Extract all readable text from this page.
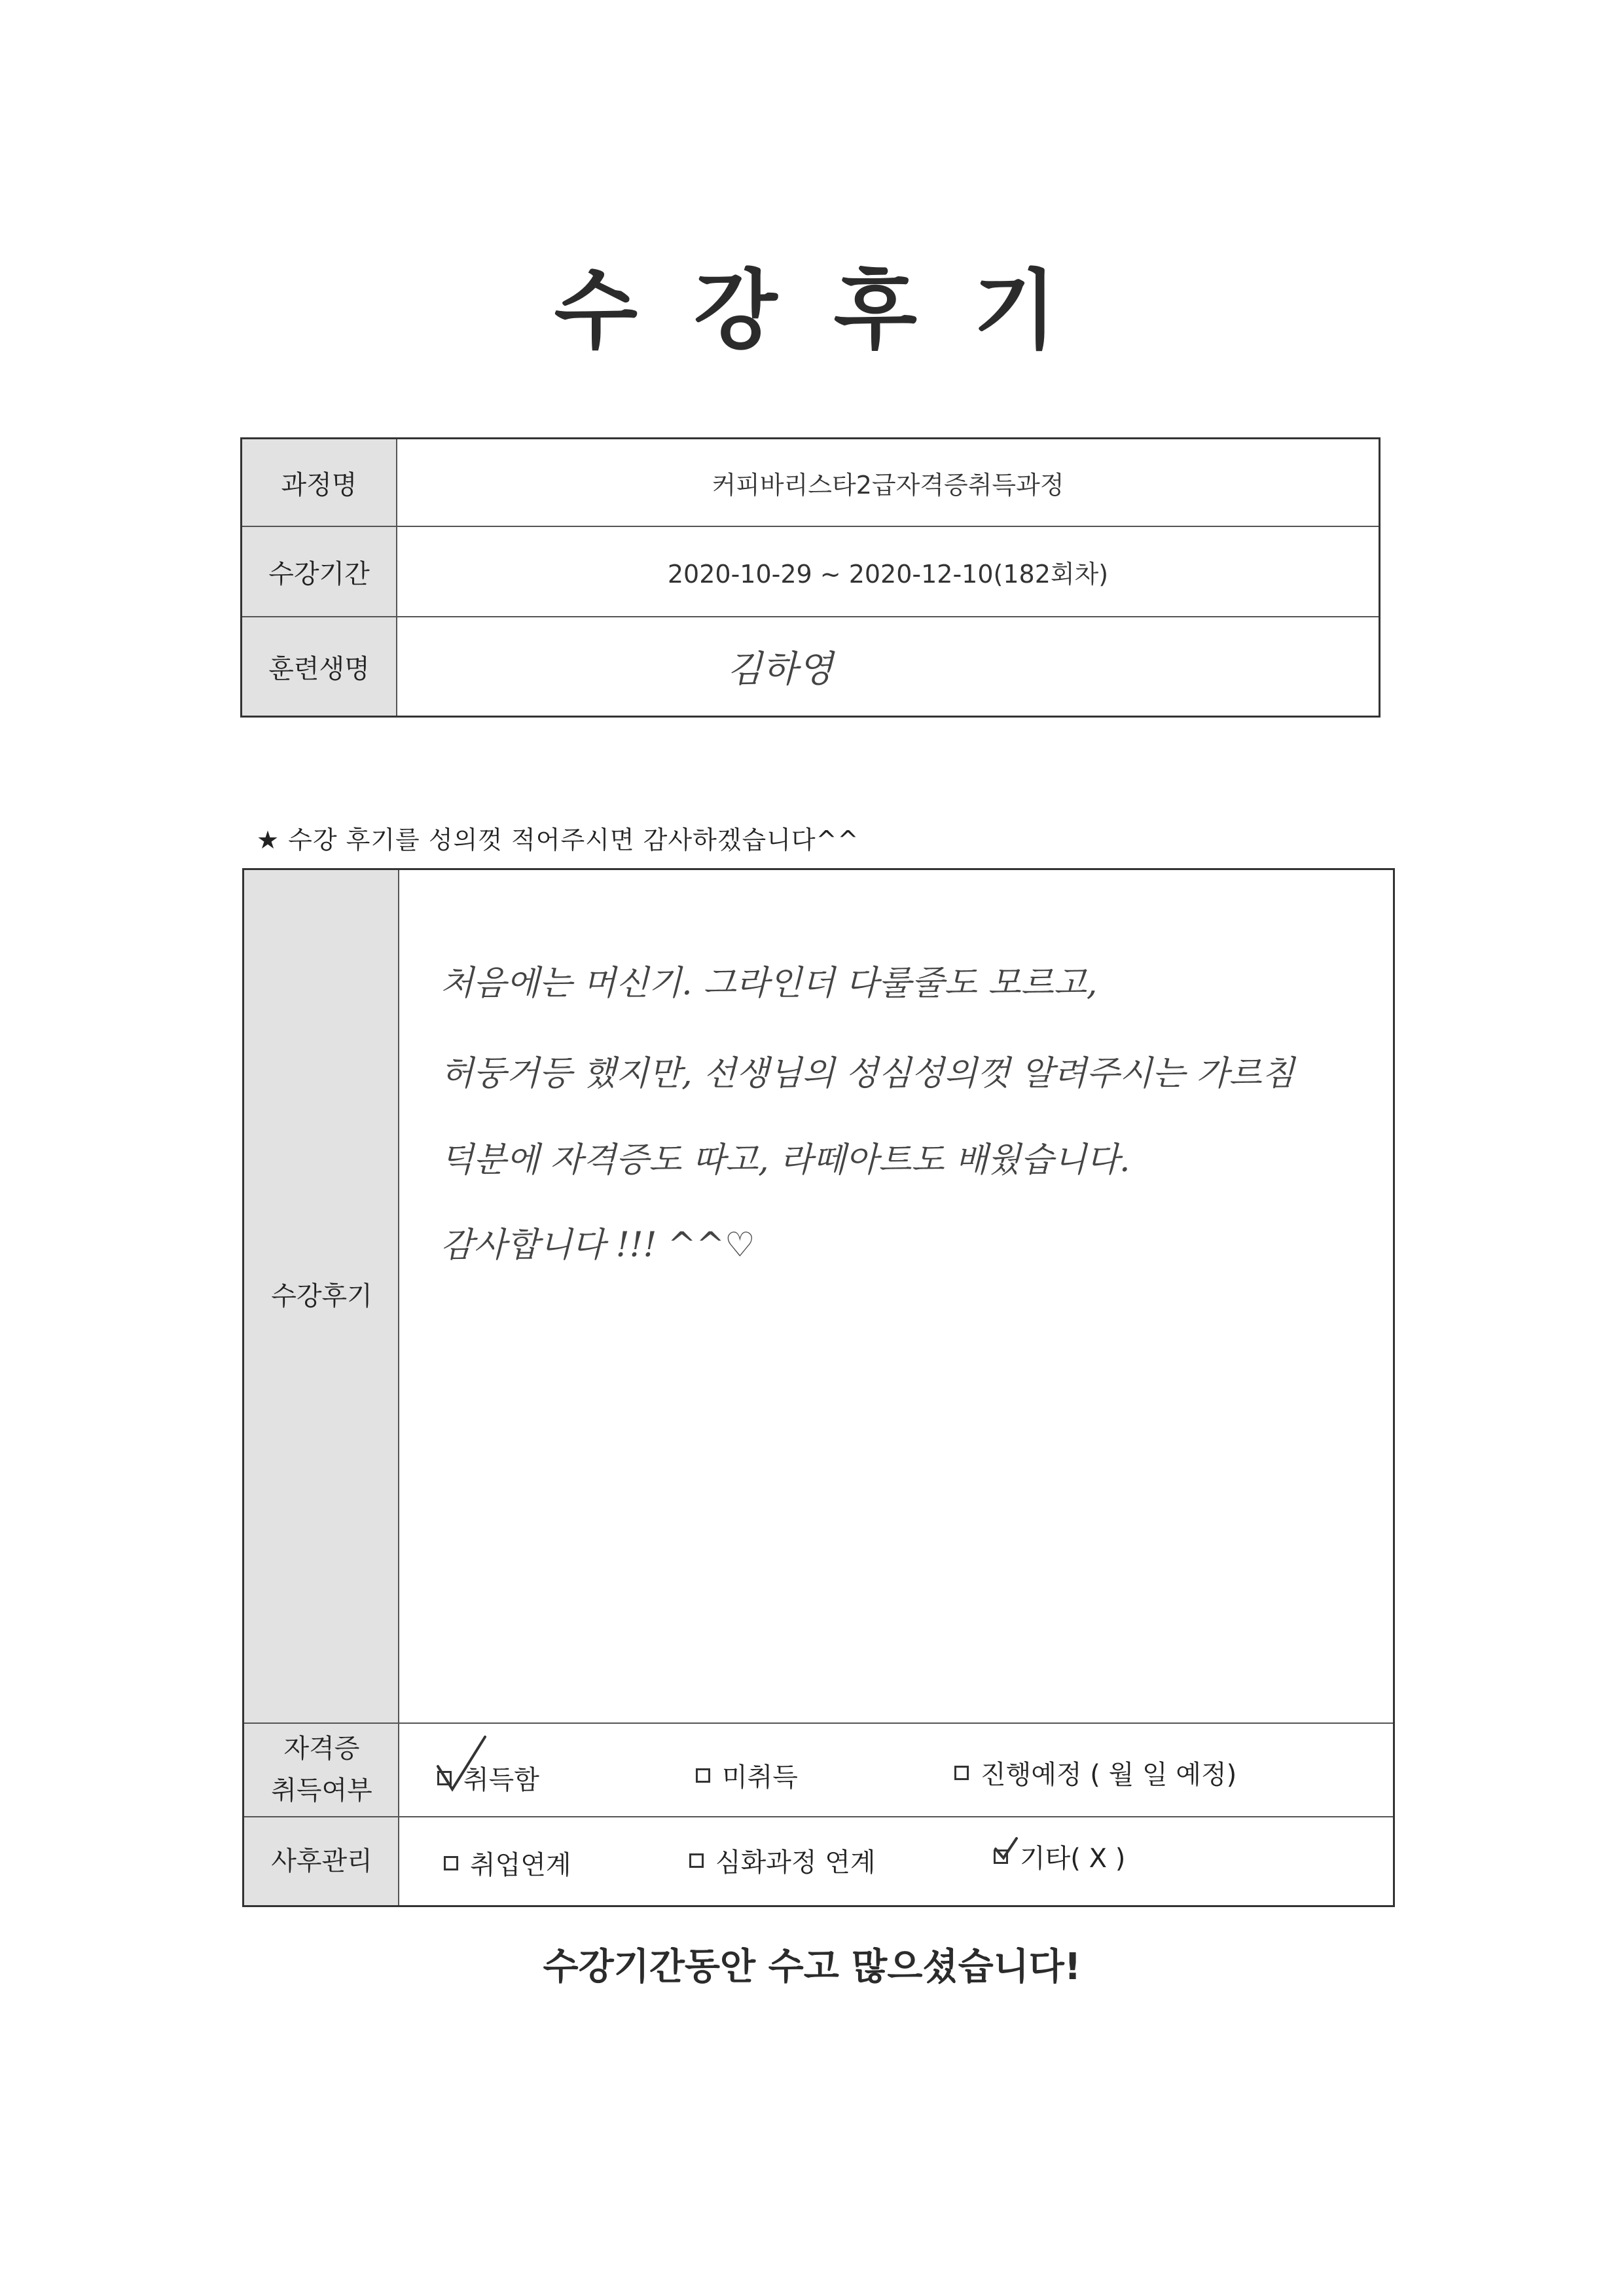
수 강 후 기
과정명	커피바리스타2급자격증취득과정
수강기간	2020-10-29 ~ 2020-12-10(182회차)
훈련생명	김하영
★ 수강 후기를 성의껏 적어주시면 감사하겠습니다^^
수강후기
처음에는 머신기. 그라인더 다룰줄도 모르고,
허둥거등 했지만, 선생님의 성심성의껏 알려주시는 가르침
덕분에 자격증도 따고, 라떼아트도 배웠습니다.
감사합니다 !!! ^^♡
자격증
취득여부	취득함	미취득	진행예정 ( 월 일 예정)
사후관리	취업연계	심화과정 연계	기타( X )
수강기간동안 수고 많으셨습니다!
